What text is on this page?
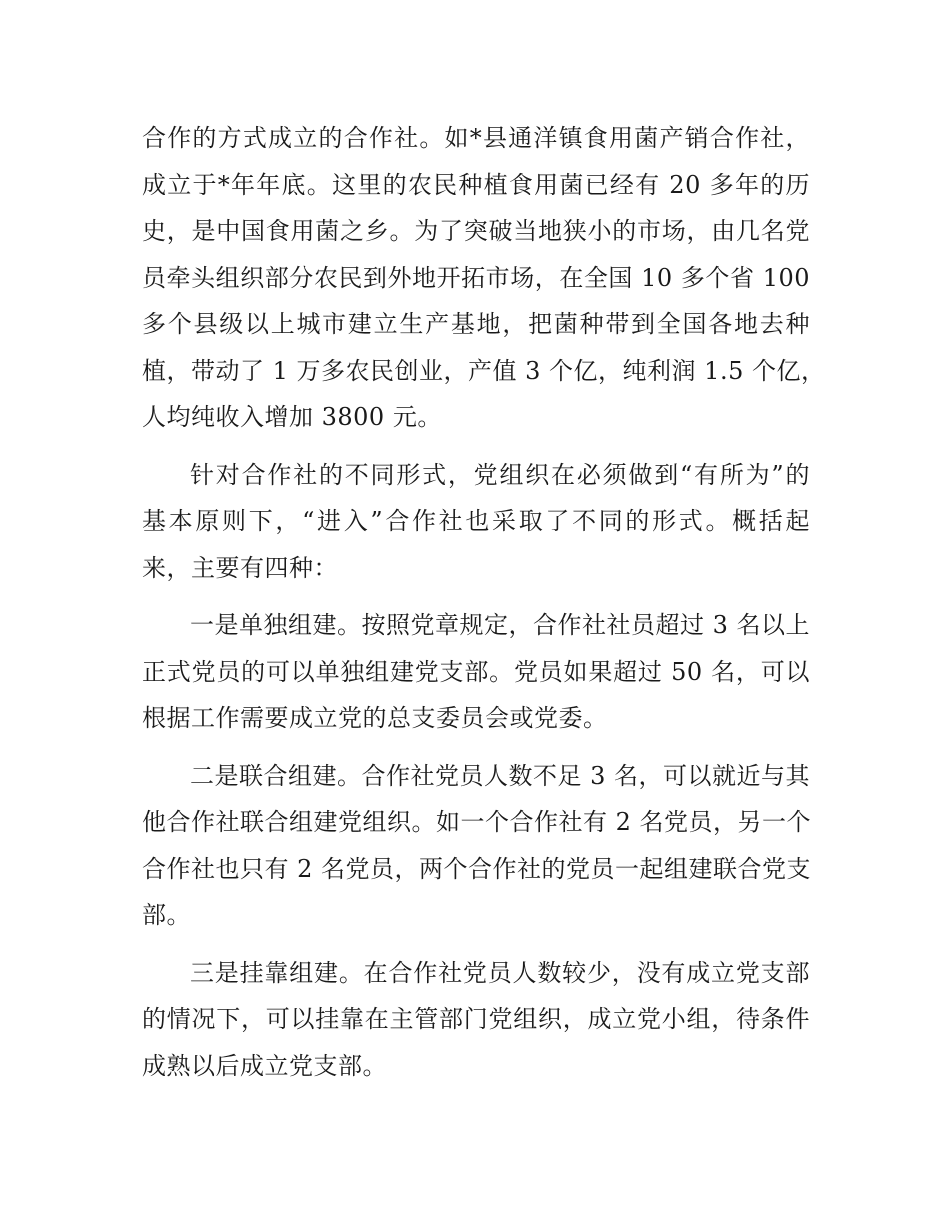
合作的方式成立的合作社。如*县通洋镇食用菌产销合作社，
成立于*年年底。这里的农民种植食用菌已经有 20 多年的历
史，是中国食用菌之乡。为了突破当地狭小的市场，由几名党
员牵头组织部分农民到外地开拓市场，在全国 10 多个省 100
多个县级以上城市建立生产基地，把菌种带到全国各地去种
植，带动了 1 万多农民创业，产值 3 个亿，纯利润 1.5 个亿，
人均纯收入增加 3800 元。
针对合作社的不同形式，党组织在必须做到“有所为”的
基本原则下，“进入”合作社也采取了不同的形式。概括起
来，主要有四种：
一是单独组建。按照党章规定，合作社社员超过 3 名以上
正式党员的可以单独组建党支部。党员如果超过 50 名，可以
根据工作需要成立党的总支委员会或党委。
二是联合组建。合作社党员人数不足 3 名，可以就近与其
他合作社联合组建党组织。如一个合作社有 2 名党员，另一个
合作社也只有 2 名党员，两个合作社的党员一起组建联合党支
部。
三是挂靠组建。在合作社党员人数较少，没有成立党支部
的情况下，可以挂靠在主管部门党组织，成立党小组，待条件
成熟以后成立党支部。
